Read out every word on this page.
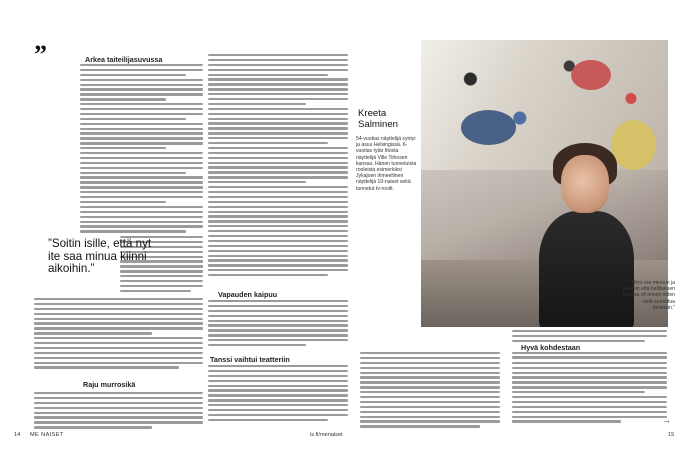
Arkea taiteilijasuvussa
Raju murrosikä
Vapauden kaipuu
Tanssi vaihtui teatteriin
Hyvä kohdestaan
”
”Soitin isille, että nyt ite saa minua kiinni aikoihin.”
Kreeta Salminen
54-vuotias näyttelijä syntyi ja asuu Helsingissä. 6-vuotias tytär Iitosta näyttelijä Ville Tiihosen kanssa. Hänen tunnetuista rooleista esimerkiksi Jykajoen ihmeellinen näyttelijä 10-naiset sekä tunnetut tv-roolit.
”Nimi vee minuun ja kuolisin että hallituksen tuulista oli ennen sitten vielä tuumittua tähänkin.”
14 ME NAISET	is.fi/menaiset	15
→
